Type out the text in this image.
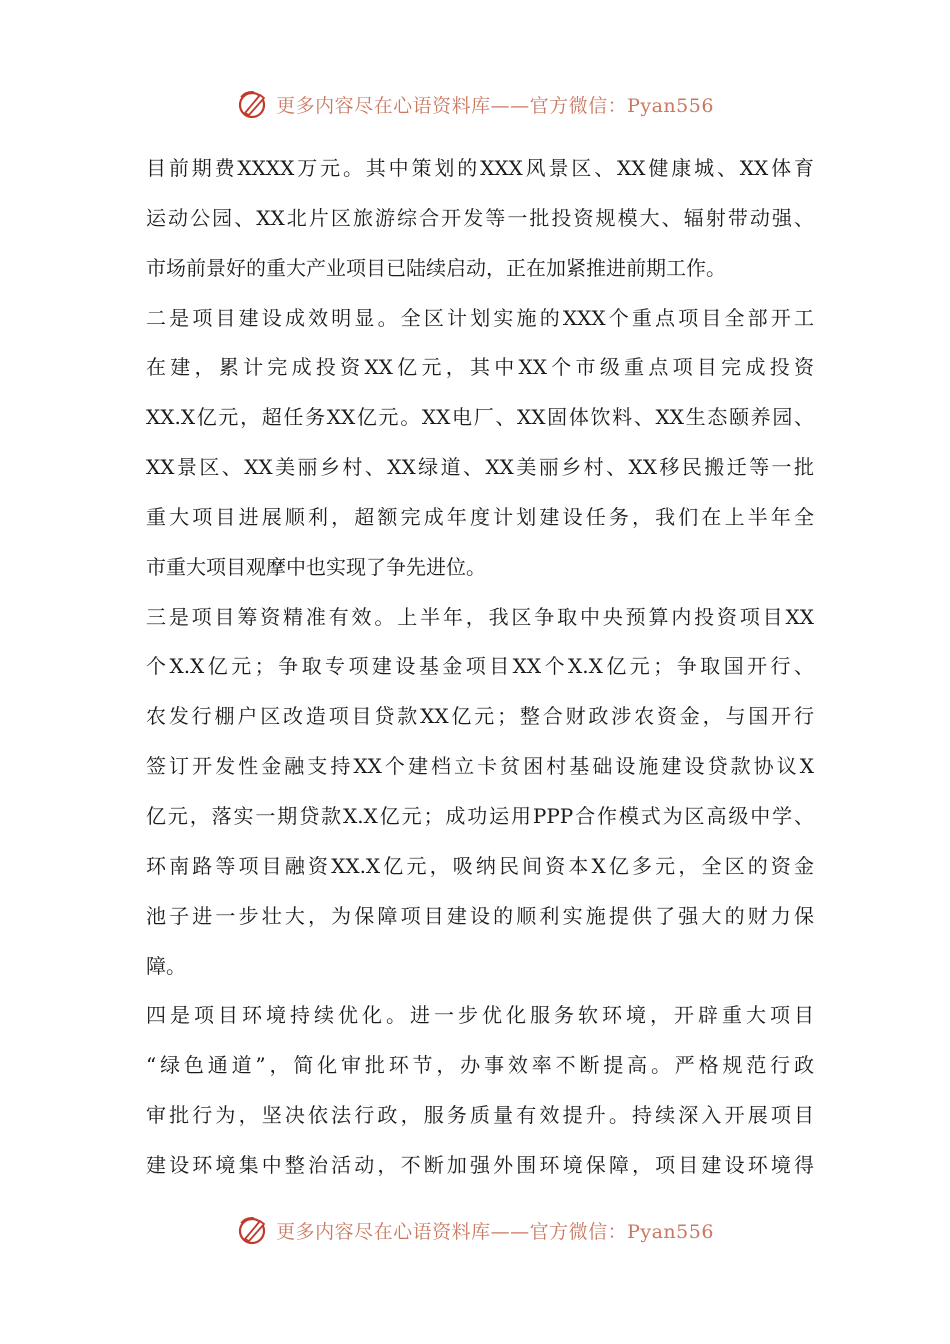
更多内容尽在心语资料库——官方微信：Pyan556
目前期费XXXX万元。其中策划的XXX风景区、XX健康城、XX体育
运动公园、XX北片区旅游综合开发等一批投资规模大、辐射带动强、
市场前景好的重大产业项目已陆续启动，正在加紧推进前期工作。
二是项目建设成效明显。全区计划实施的XXX个重点项目全部开工
在建，累计完成投资XX亿元，其中XX个市级重点项目完成投资
XX.X亿元，超任务XX亿元。XX电厂、XX固体饮料、XX生态颐养园、
XX景区、XX美丽乡村、XX绿道、XX美丽乡村、XX移民搬迁等一批
重大项目进展顺利，超额完成年度计划建设任务，我们在上半年全
市重大项目观摩中也实现了争先进位。
三是项目筹资精准有效。上半年，我区争取中央预算内投资项目XX
个X.X亿元；争取专项建设基金项目XX个X.X亿元；争取国开行、
农发行棚户区改造项目贷款XX亿元；整合财政涉农资金，与国开行
签订开发性金融支持XX个建档立卡贫困村基础设施建设贷款协议X
亿元，落实一期贷款X.X亿元；成功运用PPP合作模式为区高级中学、
环南路等项目融资XX.X亿元，吸纳民间资本X亿多元，全区的资金
池子进一步壮大，为保障项目建设的顺利实施提供了强大的财力保
障。
四是项目环境持续优化。进一步优化服务软环境，开辟重大项目
“绿色通道”，简化审批环节，办事效率不断提高。严格规范行政
审批行为，坚决依法行政，服务质量有效提升。持续深入开展项目
建设环境集中整治活动，不断加强外围环境保障，项目建设环境得
更多内容尽在心语资料库——官方微信：Pyan556
